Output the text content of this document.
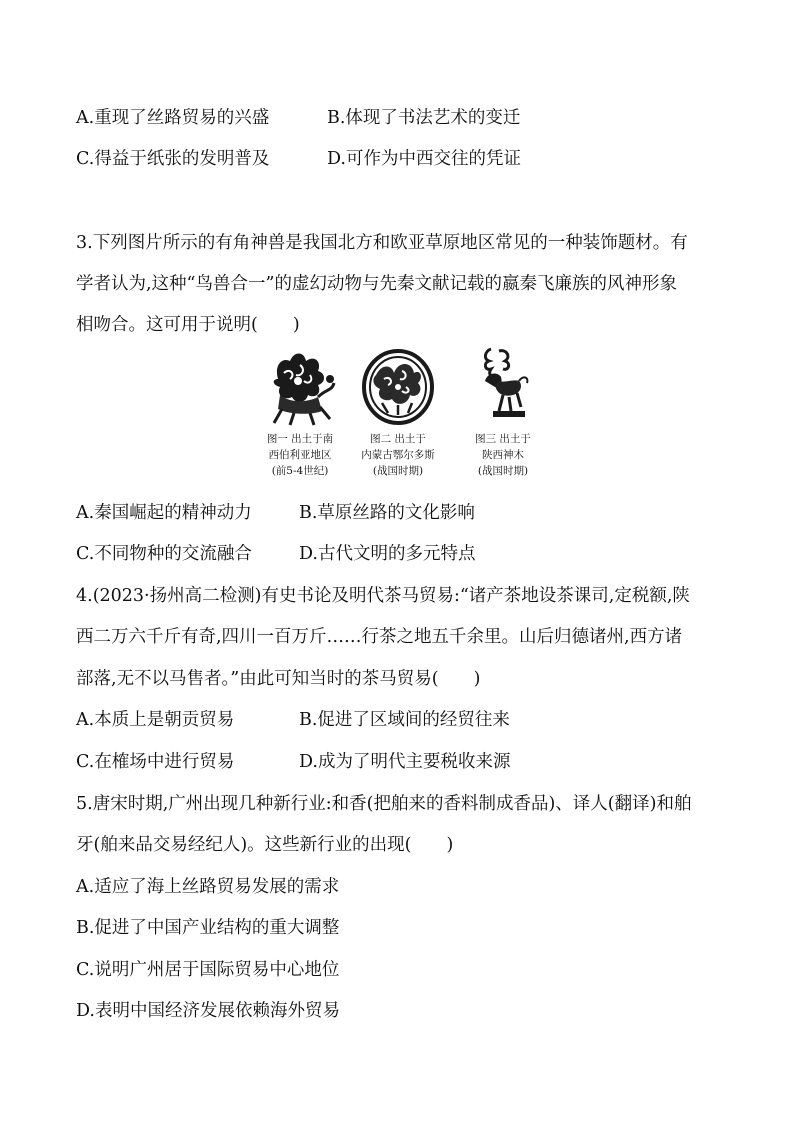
A.重现了丝路贸易的兴盛	B.体现了书法艺术的变迁
C.得益于纸张的发明普及	D.可作为中西交往的凭证
3.下列图片所示的有角神兽是我国北方和欧亚草原地区常见的一种装饰题材。有
学者认为,这种“鸟兽合一”的虚幻动物与先秦文献记载的嬴秦飞廉族的风神形象
相吻合。这可用于说明(　　)
图一 出土于南
西伯利亚地区
(前5-4世纪)
图二 出土于
内蒙古鄂尔多斯
(战国时期)
图三 出土于
陕西神木
(战国时期)
A.秦国崛起的精神动力	B.草原丝路的文化影响
C.不同物种的交流融合	D.古代文明的多元特点
4.(2023·扬州高二检测)有史书论及明代茶马贸易:“诸产茶地设茶课司,定税额,陕
西二万六千斤有奇,四川一百万斤……行茶之地五千余里。山后归德诸州,西方诸
部落,无不以马售者。”由此可知当时的茶马贸易(　　)
A.本质上是朝贡贸易	B.促进了区域间的经贸往来
C.在榷场中进行贸易	D.成为了明代主要税收来源
5.唐宋时期,广州出现几种新行业:和香(把舶来的香料制成香品)、译人(翻译)和舶
牙(舶来品交易经纪人)。这些新行业的出现(　　)
A.适应了海上丝路贸易发展的需求
B.促进了中国产业结构的重大调整
C.说明广州居于国际贸易中心地位
D.表明中国经济发展依赖海外贸易
